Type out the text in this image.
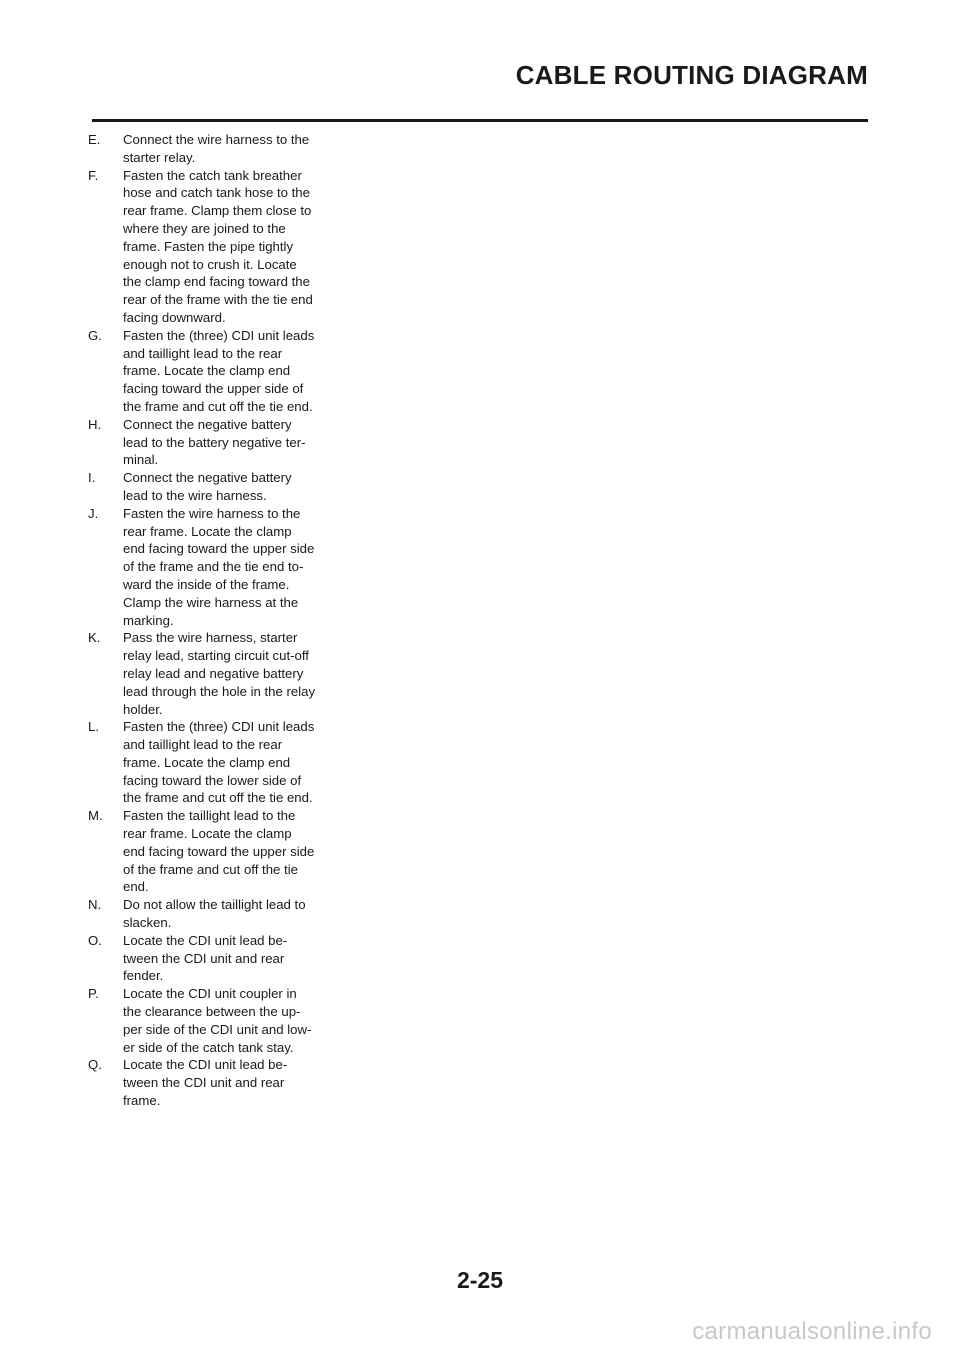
CABLE ROUTING DIAGRAM
E.	Connect the wire harness to the
starter relay.
F.	Fasten the catch tank breather
hose and catch tank hose to the
rear frame. Clamp them close to
where they are joined to the
frame. Fasten the pipe tightly
enough not to crush it. Locate
the clamp end facing toward the
rear of the frame with the tie end
facing downward.
G.	Fasten the (three) CDI unit leads
and taillight lead to the rear
frame. Locate the clamp end
facing toward the upper side of
the frame and cut off the tie end.
H.	Connect the negative battery
lead to the battery negative ter-
minal.
I.	Connect the negative battery
lead to the wire harness.
J.	Fasten the wire harness to the
rear frame. Locate the clamp
end facing toward the upper side
of the frame and the tie end to-
ward the inside of the frame.
Clamp the wire harness at the
marking.
K.	Pass the wire harness, starter
relay lead, starting circuit cut-off
relay lead and negative battery
lead through the hole in the relay
holder.
L.	Fasten the (three) CDI unit leads
and taillight lead to the rear
frame. Locate the clamp end
facing toward the lower side of
the frame and cut off the tie end.
M.	Fasten the taillight lead to the
rear frame. Locate the clamp
end facing toward the upper side
of the frame and cut off the tie
end.
N.	Do not allow the taillight lead to
slacken.
O.	Locate the CDI unit lead be-
tween the CDI unit and rear
fender.
P.	Locate the CDI unit coupler in
the clearance between the up-
per side of the CDI unit and low-
er side of the catch tank stay.
Q.	Locate the CDI unit lead be-
tween the CDI unit and rear
frame.
2-25
carmanualsonline.info
